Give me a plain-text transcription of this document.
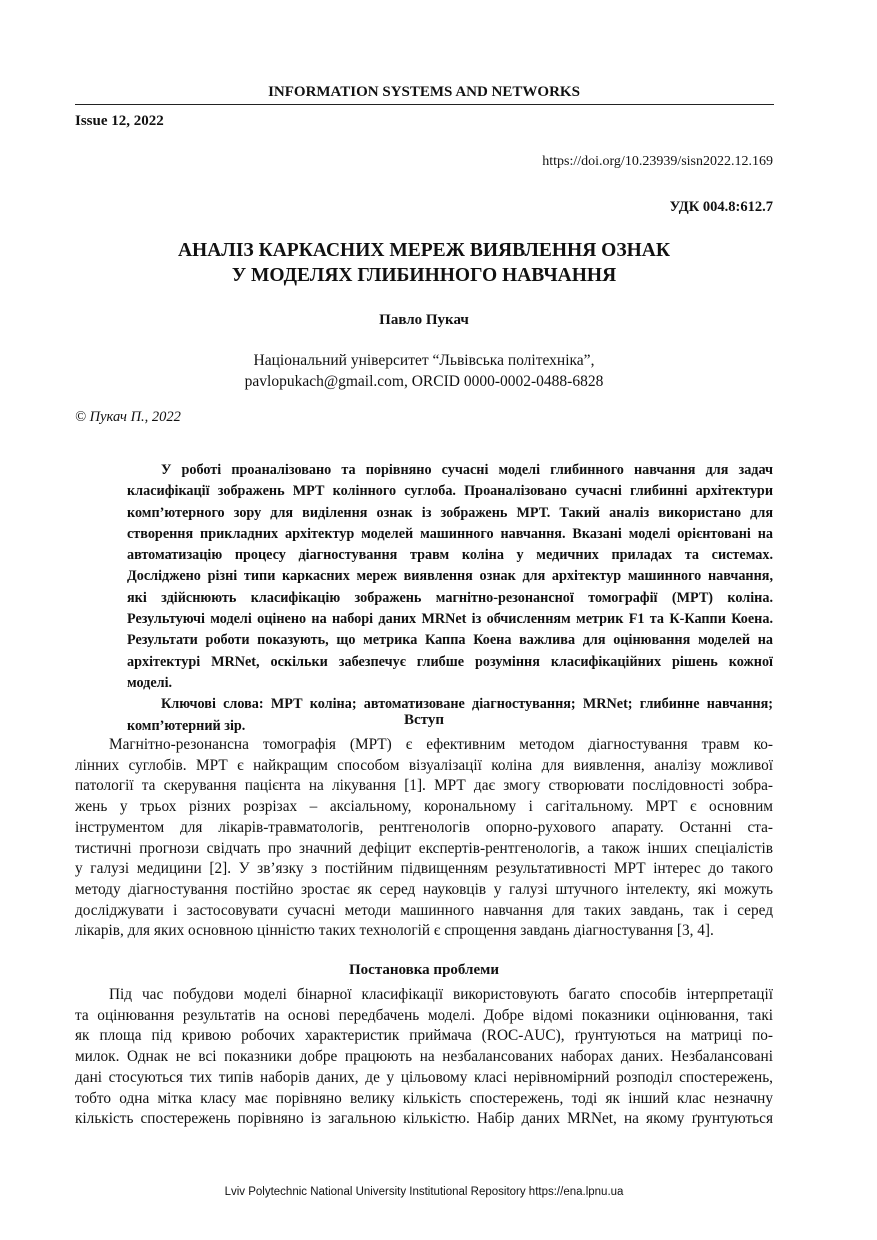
INFORMATION SYSTEMS AND NETWORKS
Issue 12, 2022
https://doi.org/10.23939/sisn2022.12.169
УДК 004.8:612.7
АНАЛІЗ КАРКАСНИХ МЕРЕЖ ВИЯВЛЕННЯ ОЗНАК
У МОДЕЛЯХ ГЛИБИННОГО НАВЧАННЯ
Павло Пукач
Національний університет “Львівська політехніка”,
pavlopukach@gmail.com, ORCID 0000-0002-0488-6828
© Пукач П., 2022
У роботі проаналізовано та порівняно сучасні моделі глибинного навчання для задач
класифікації зображень МРТ колінного суглоба. Проаналізовано сучасні глибинні архітектури
комп’ютерного зору для виділення ознак із зображень МРТ. Такий аналіз використано для
створення прикладних архітектур моделей машинного навчання. Вказані моделі орієнтовані на
автоматизацію процесу діагностування травм коліна у медичних приладах та системах.
Досліджено різні типи каркасних мереж виявлення ознак для архітектур машинного навчання,
які здійснюють класифікацію зображень магнітно-резонансної томографії (МРТ) коліна.
Результуючі моделі оцінено на наборі даних MRNet із обчисленням метрик F1 та К-Каппи Коена.
Результати роботи показують, що метрика Каппа Коена важлива для оцінювання моделей на
архітектурі MRNet, оскільки забезпечує глибше розуміння класифікаційних рішень кожної
моделі.
Ключові слова: МРТ коліна; автоматизоване діагностування; MRNet; глибинне навчання;
комп’ютерний зір.	Вступ
Магнітно-резонансна томографія (МРТ) є ефективним методом діагностування травм ко-
лінних суглобів. МРТ є найкращим способом візуалізації коліна для виявлення, аналізу можливої
патології та скерування пацієнта на лікування [1]. МРТ дає змогу створювати послідовності зобра-
жень у трьох різних розрізах – аксіальному, корональному і сагітальному. МРТ є основним
інструментом для лікарів-травматологів, рентгенологів опорно-рухового апарату. Останні ста-
тистичні прогнози свідчать про значний дефіцит експертів-рентгенологів, а також інших спеціалістів
у галузі медицини [2]. У зв’язку з постійним підвищенням результативності МРТ інтерес до такого
методу діагностування постійно зростає як серед науковців у галузі штучного інтелекту, які можуть
досліджувати і застосовувати сучасні методи машинного навчання для таких завдань, так і серед
лікарів, для яких основною цінністю таких технологій є спрощення завдань діагностування [3, 4].
Постановка проблеми
Під час побудови моделі бінарної класифікації використовують багато способів інтерпретації
та оцінювання результатів на основі передбачень моделі. Добре відомі показники оцінювання, такі
як площа під кривою робочих характеристик приймача (ROC-AUC), ґрунтуються на матриці по-
милок. Однак не всі показники добре працюють на незбалансованих наборах даних. Незбалансовані
дані стосуються тих типів наборів даних, де у цільовому класі нерівномірний розподіл спостережень,
тобто одна мітка класу має порівняно велику кількість спостережень, тоді як інший клас незначну
кількість спостережень порівняно із загальною кількістю. Набір даних MRNet, на якому ґрунтуються
Lviv Polytechnic National University Institutional Repository https://ena.lpnu.ua
